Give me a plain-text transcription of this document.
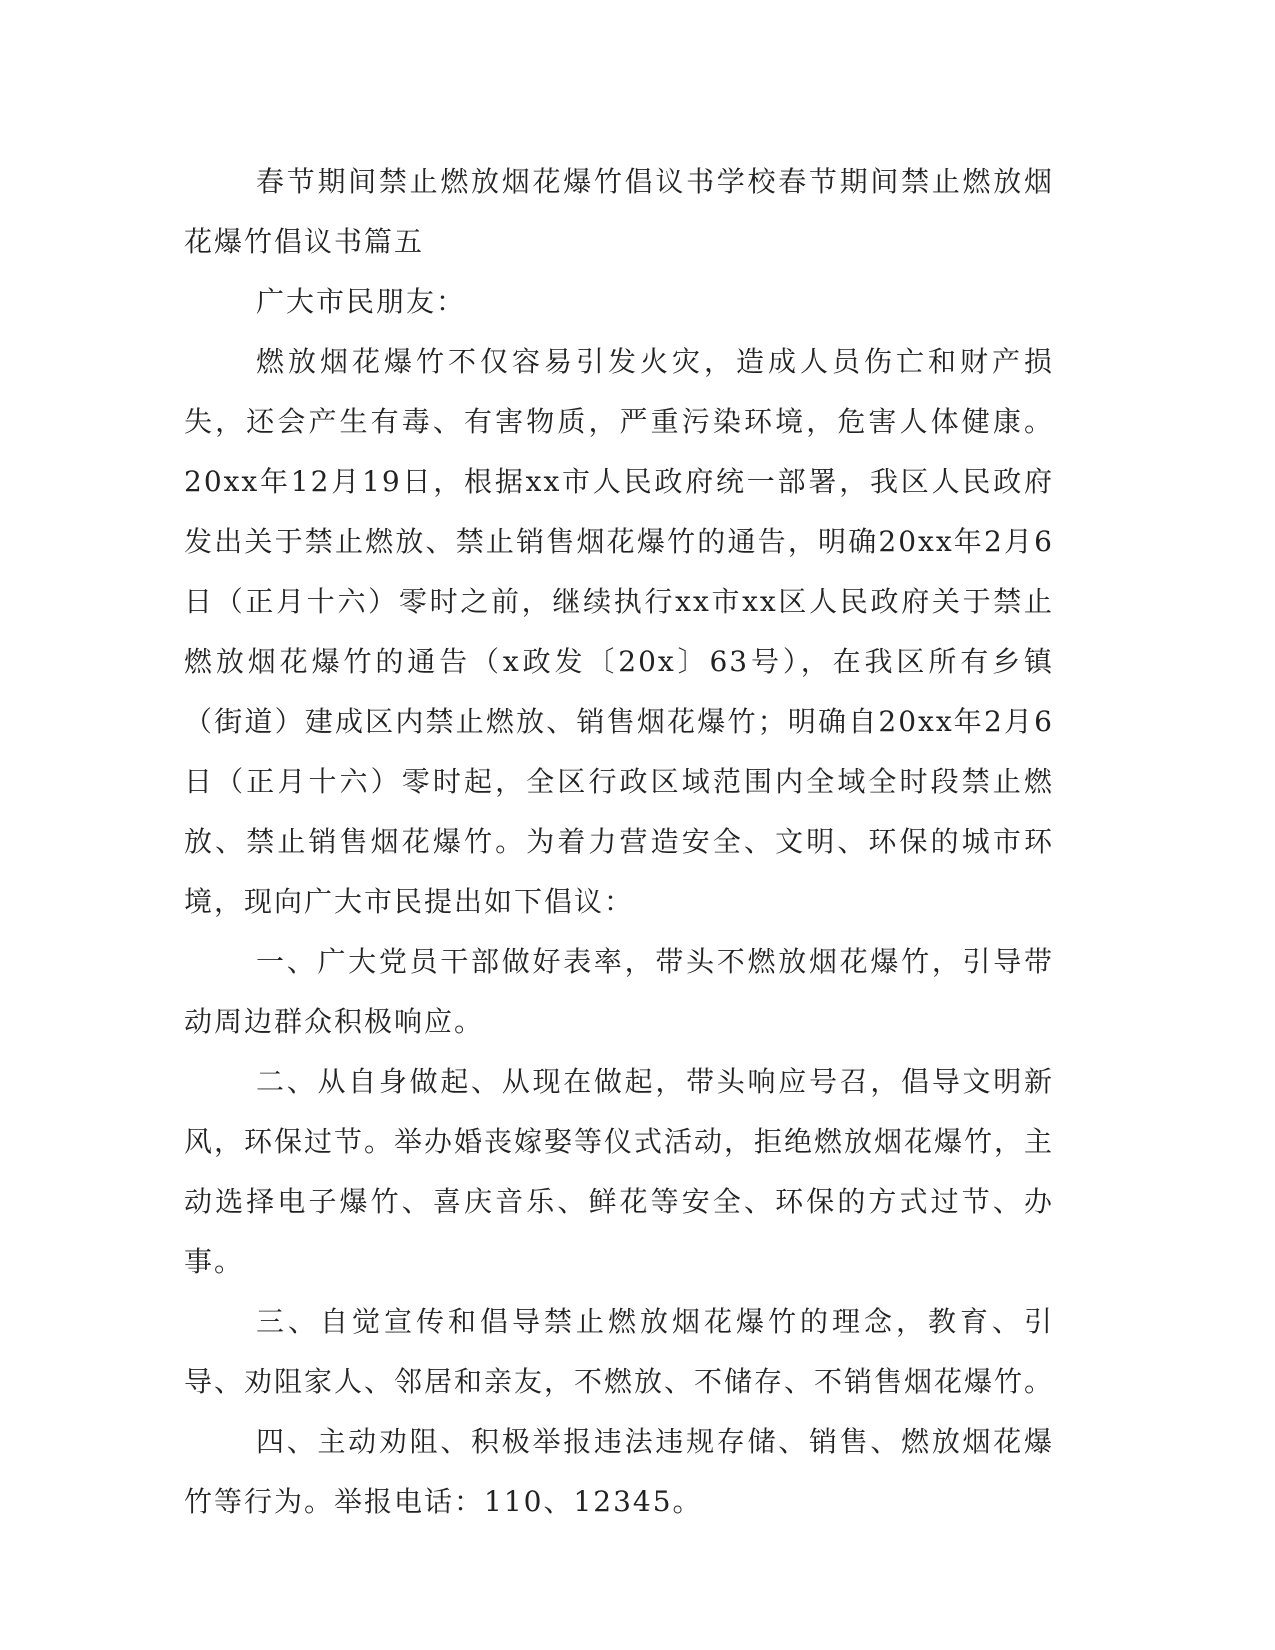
春节期间禁止燃放烟花爆竹倡议书学校春节期间禁止燃放烟花爆竹倡议书篇五

广大市民朋友：

燃放烟花爆竹不仅容易引发火灾，造成人员伤亡和财产损失，还会产生有毒、有害物质，严重污染环境，危害人体健康。20xx年12月19日，根据xx市人民政府统一部署，我区人民政府发出关于禁止燃放、禁止销售烟花爆竹的通告，明确20xx年2月6日（正月十六）零时之前，继续执行xx市xx区人民政府关于禁止燃放烟花爆竹的通告（x政发〔20x〕63号），在我区所有乡镇（街道）建成区内禁止燃放、销售烟花爆竹；明确自20xx年2月6日（正月十六）零时起，全区行政区域范围内全域全时段禁止燃放、禁止销售烟花爆竹。为着力营造安全、文明、环保的城市环境，现向广大市民提出如下倡议：

一、广大党员干部做好表率，带头不燃放烟花爆竹，引导带动周边群众积极响应。

二、从自身做起、从现在做起，带头响应号召，倡导文明新风，环保过节。举办婚丧嫁娶等仪式活动，拒绝燃放烟花爆竹，主动选择电子爆竹、喜庆音乐、鲜花等安全、环保的方式过节、办事。

三、自觉宣传和倡导禁止燃放烟花爆竹的理念，教育、引导、劝阻家人、邻居和亲友，不燃放、不储存、不销售烟花爆竹。

四、主动劝阻、积极举报违法违规存储、销售、燃放烟花爆竹等行为。举报电话：110、12345。
